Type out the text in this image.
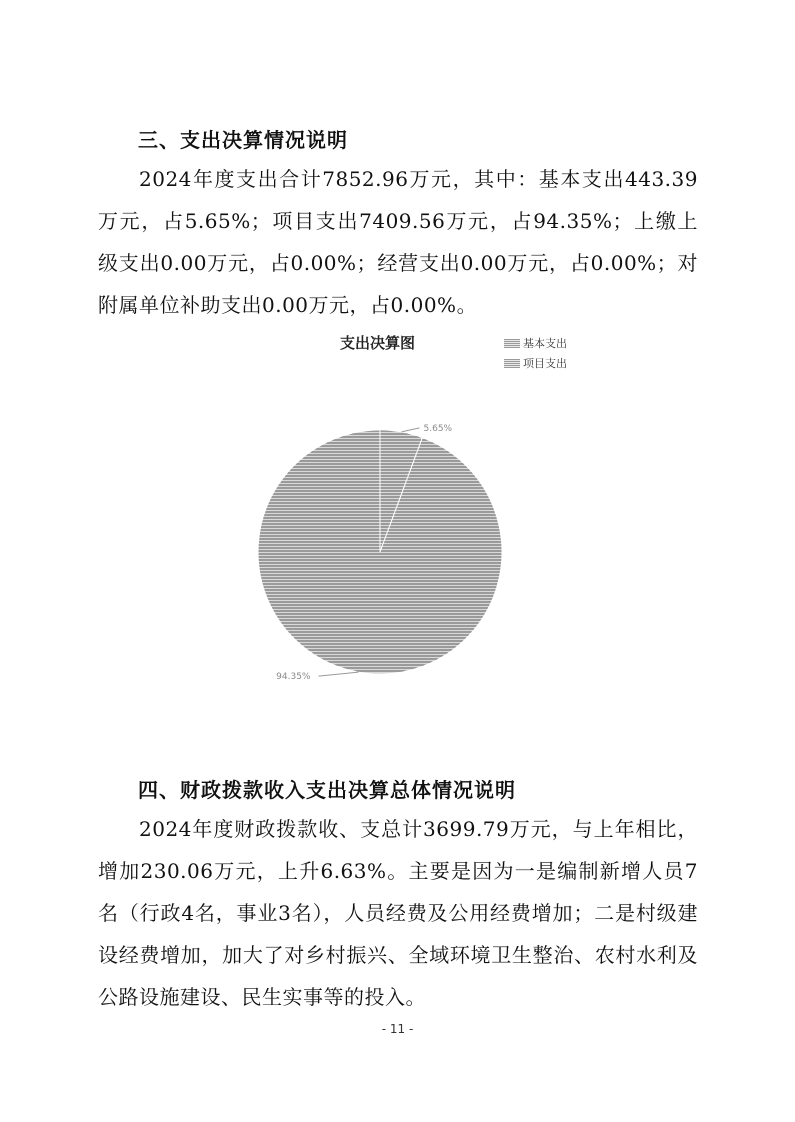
三、支出决算情况说明

2024年度支出合计7852.96万元，其中：基本支出443.39万元，占5.65%；项目支出7409.56万元，占94.35%；上缴上级支出0.00万元，占0.00%；经营支出0.00万元，占0.00%；对附属单位补助支出0.00万元，占0.00%。

5.65%
94.35%
支出决算图	基本支出
项目支出
四、财政拨款收入支出决算总体情况说明

2024年度财政拨款收、支总计3699.79万元，与上年相比，增加230.06万元，上升6.63%。主要是因为一是编制新增人员7名（行政4名，事业3名），人员经费及公用经费增加；二是村级建设经费增加，加大了对乡村振兴、全域环境卫生整治、农村水利及公路设施建设、民生实事等的投入。

- 11 -
